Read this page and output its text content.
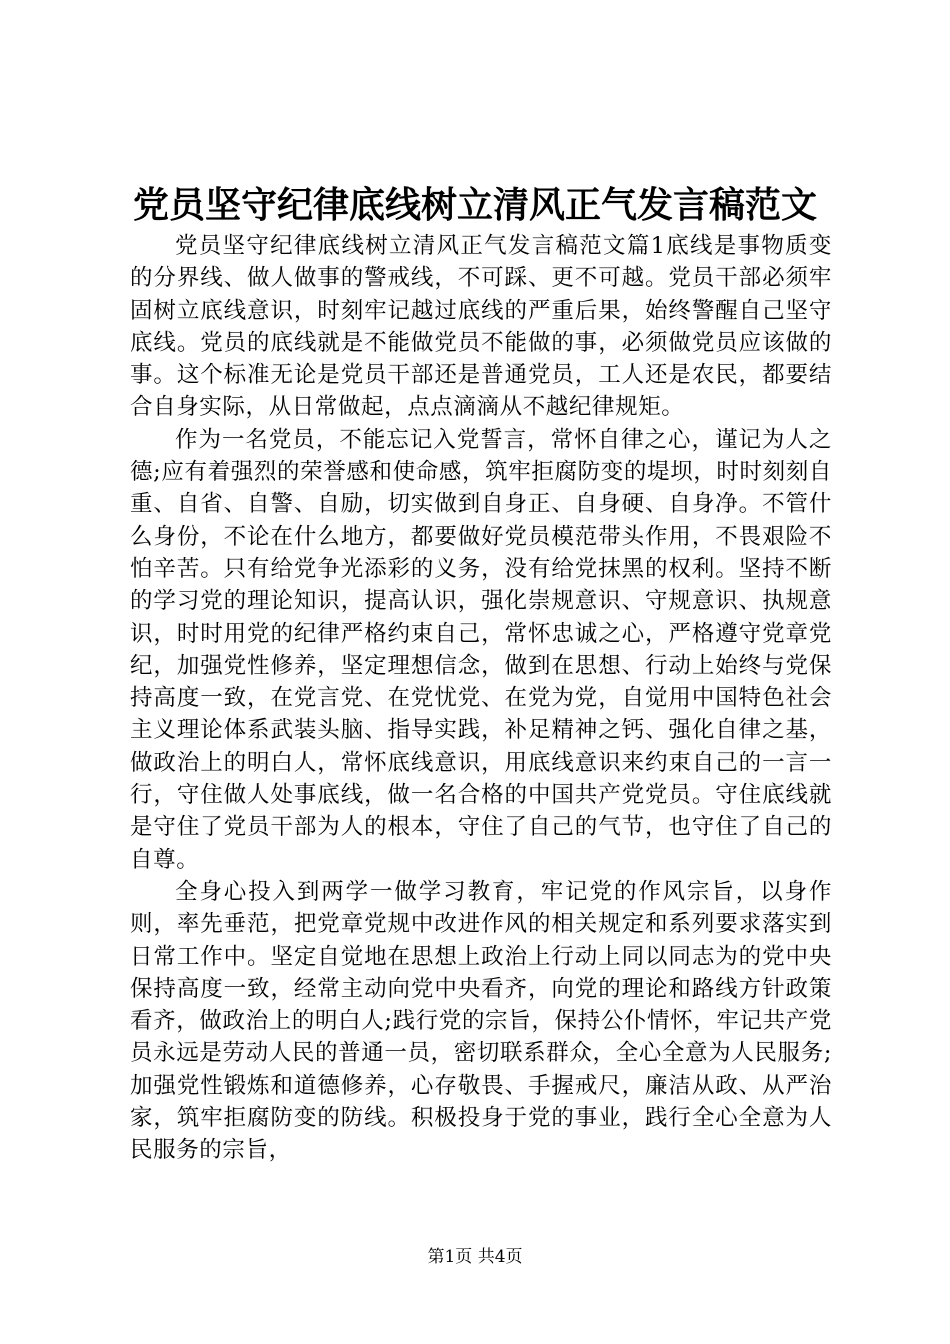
党员坚守纪律底线树立清风正气发言稿范文

党员坚守纪律底线树立清风正气发言稿范文篇1底线是事物质变的分界线、做人做事的警戒线，不可踩、更不可越。党员干部必须牢固树立底线意识，时刻牢记越过底线的严重后果，始终警醒自己坚守底线。党员的底线就是不能做党员不能做的事，必须做党员应该做的事。这个标准无论是党员干部还是普通党员，工人还是农民，都要结合自身实际，从日常做起，点点滴滴从不越纪律规矩。

作为一名党员，不能忘记入党誓言，常怀自律之心，谨记为人之德;应有着强烈的荣誉感和使命感，筑牢拒腐防变的堤坝，时时刻刻自重、自省、自警、自励，切实做到自身正、自身硬、自身净。不管什么身份，不论在什么地方，都要做好党员模范带头作用，不畏艰险不怕辛苦。只有给党争光添彩的义务，没有给党抹黑的权利。坚持不断的学习党的理论知识，提高认识，强化崇规意识、守规意识、执规意识，时时用党的纪律严格约束自己，常怀忠诚之心，严格遵守党章党纪，加强党性修养，坚定理想信念，做到在思想、行动上始终与党保持高度一致，在党言党、在党忧党、在党为党，自觉用中国特色社会主义理论体系武装头脑、指导实践，补足精神之钙、强化自律之基，做政治上的明白人，常怀底线意识，用底线意识来约束自己的一言一行，守住做人处事底线，做一名合格的中国共产党党员。守住底线就是守住了党员干部为人的根本，守住了自己的气节，也守住了自己的自尊。

全身心投入到两学一做学习教育，牢记党的作风宗旨，以身作则，率先垂范，把党章党规中改进作风的相关规定和系列要求落实到日常工作中。坚定自觉地在思想上政治上行动上同以同志为的党中央保持高度一致，经常主动向党中央看齐，向党的理论和路线方针政策看齐，做政治上的明白人;践行党的宗旨，保持公仆情怀，牢记共产党员永远是劳动人民的普通一员，密切联系群众，全心全意为人民服务;加强党性锻炼和道德修养，心存敬畏、手握戒尺，廉洁从政、从严治家，筑牢拒腐防变的防线。积极投身于党的事业，践行全心全意为人民服务的宗旨，

第1页 共4页
